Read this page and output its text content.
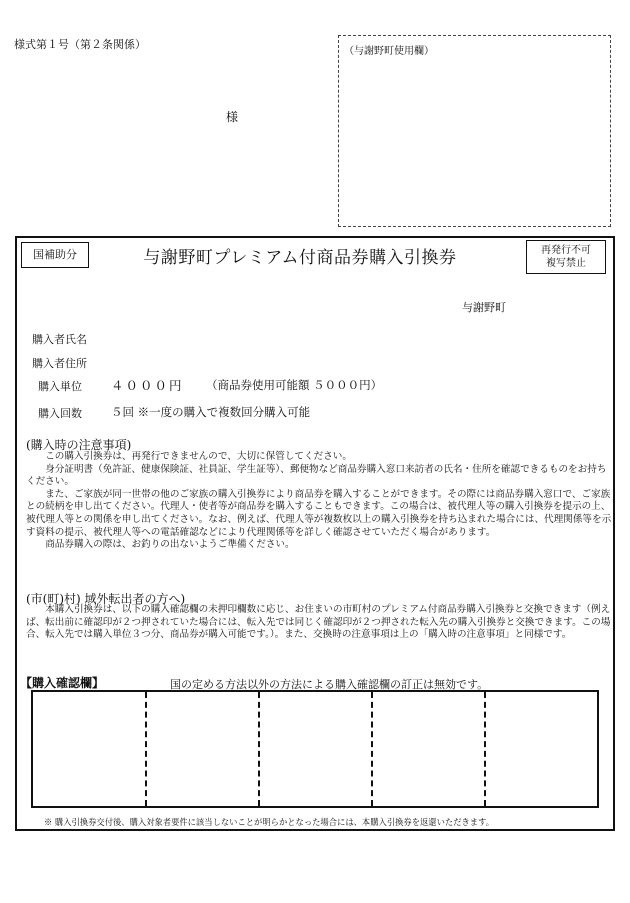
様式第１号（第２条関係）
（与謝野町使用欄）
様
国補助分	与謝野町プレミアム付商品券購入引換券	再発行不可
複写禁止
与謝野町
購入者氏名
購入者住所
購入単位 ４０００円 （商品券使用可能額 ５０００円）
購入回数	５回 ※一度の購入で複数回分購入可能
(購入時の注意事項)
この購入引換券は、再発行できませんので、大切に保管してください。
身分証明書（免許証、健康保険証、社員証、学生証等）、郵便物など商品券購入窓口来訪者の氏名・住所を確認できるものをお持ちください。
また、ご家族が同一世帯の他のご家族の購入引換券により商品券を購入することができます。その際には商品券購入窓口で、ご家族との続柄を申し出てください。代理人・使者等が商品券を購入することもできます。この場合は、被代理人等の購入引換券を提示の上、被代理人等との関係を申し出てください。なお、例えば、代理人等が複数枚以上の購入引換券を持ち込まれた場合には、代理関係等を示す資料の提示、被代理人等への電話確認などにより代理関係等を詳しく確認させていただく場合があります。
商品券購入の際は、お釣りの出ないようご準備ください。
(市(町)村) 域外転出者の方へ)
本購入引換券は、以下の購入確認欄の未押印欄数に応じ、お住まいの市町村のプレミアム付商品券購入引換券と交換できます（例えば、転出前に確認印が２つ押されていた場合には、転入先では同じく確認印が２つ押された転入先の購入引換券と交換できます。この場合、転入先では購入単位３つ分、商品券が購入可能です。）。また、交換時の注意事項は上の「購入時の注意事項」と同様です。
【購入確認欄】	国の定める方法以外の方法による購入確認欄の訂正は無効です。
※ 購入引換券交付後、購入対象者要件に該当しないことが明らかとなった場合には、本購入引換券を返還いただきます。
